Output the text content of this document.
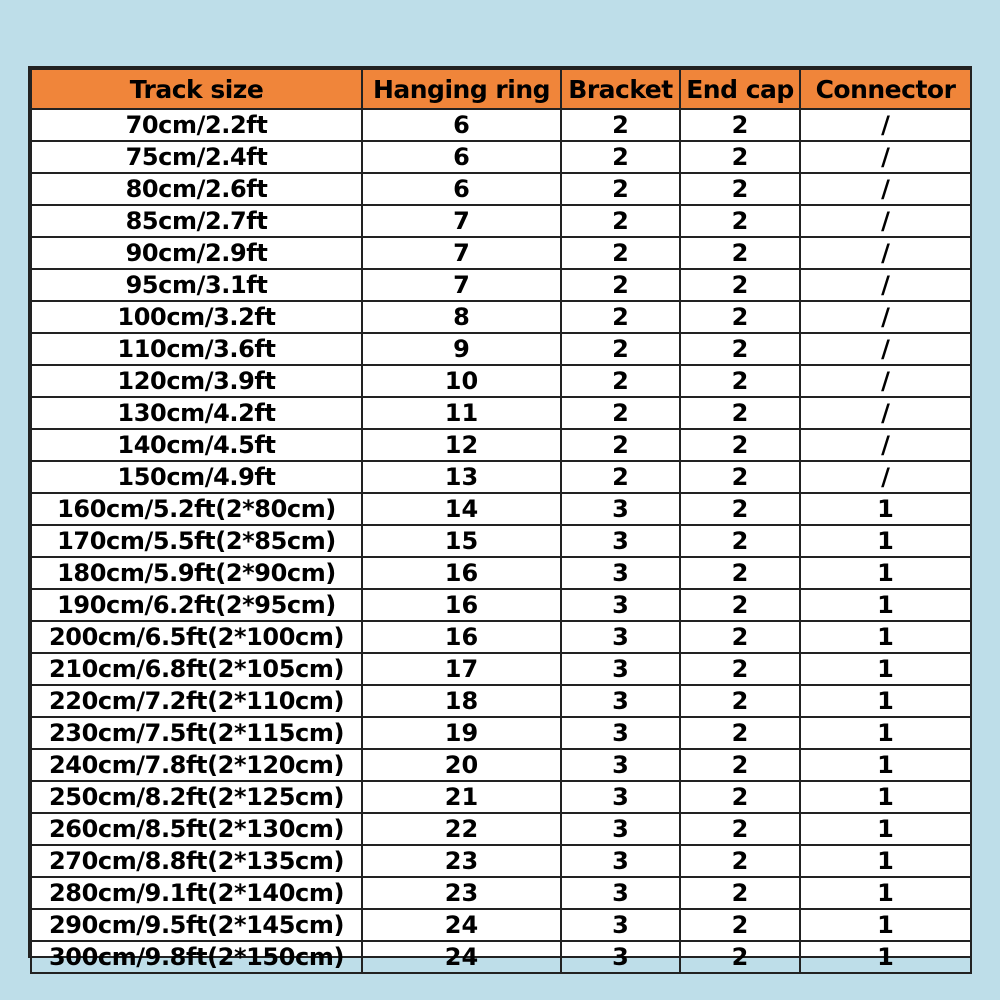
Track size	Hanging ring	Bracket	End cap	Connector
70cm/2.2ft	6	2	2	/
75cm/2.4ft	6	2	2	/
80cm/2.6ft	6	2	2	/
85cm/2.7ft	7	2	2	/
90cm/2.9ft	7	2	2	/
95cm/3.1ft	7	2	2	/
100cm/3.2ft	8	2	2	/
110cm/3.6ft	9	2	2	/
120cm/3.9ft	10	2	2	/
130cm/4.2ft	11	2	2	/
140cm/4.5ft	12	2	2	/
150cm/4.9ft	13	2	2	/
160cm/5.2ft(2*80cm)	14	3	2	1
170cm/5.5ft(2*85cm)	15	3	2	1
180cm/5.9ft(2*90cm)	16	3	2	1
190cm/6.2ft(2*95cm)	16	3	2	1
200cm/6.5ft(2*100cm)	16	3	2	1
210cm/6.8ft(2*105cm)	17	3	2	1
220cm/7.2ft(2*110cm)	18	3	2	1
230cm/7.5ft(2*115cm)	19	3	2	1
240cm/7.8ft(2*120cm)	20	3	2	1
250cm/8.2ft(2*125cm)	21	3	2	1
260cm/8.5ft(2*130cm)	22	3	2	1
270cm/8.8ft(2*135cm)	23	3	2	1
280cm/9.1ft(2*140cm)	23	3	2	1
290cm/9.5ft(2*145cm)	24	3	2	1
300cm/9.8ft(2*150cm)	24	3	2	1
